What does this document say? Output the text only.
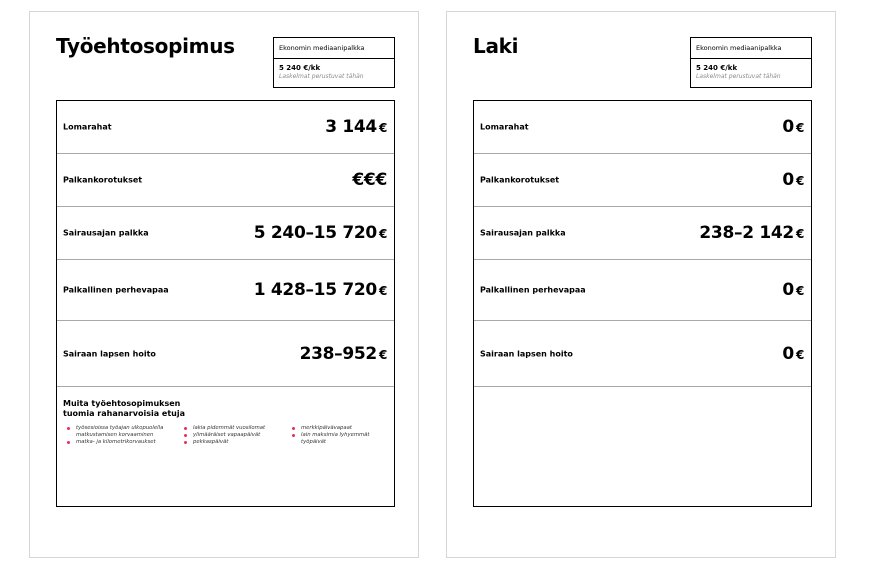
Työehtosopimus	Ekonomin mediaanipalkka
5 240 €/kk
Laskelmat perustuvat tähän
Lomarahat	3 144 €
Palkankorotukset	€€€
Sairausajan palkka	5 240–15 720 €
Palkallinen perhevapaa	1 428–15 720 €
Sairaan lapsen hoito	238–952 €
Muita työehtosopimuksen tuomia rahanarvoisia etuja
työsesioissa työajan ulkopuolella matkustamisen korvaaminen
matka- ja kilometrikorvaukset
lakia pidemmät vuosilomat
ylimääräiset vapaapäivät
pekkaspäivät
merkkipäivävapaat
lain maksimia lyhyemmät työpäivät
Laki	Ekonomin mediaanipalkka
5 240 €/kk
Laskelmat perustuvat tähän
Lomarahat	0 €
Palkankorotukset	0 €
Sairausajan palkka	238–2 142 €
Palkallinen perhevapaa	0 €
Sairaan lapsen hoito	0 €
